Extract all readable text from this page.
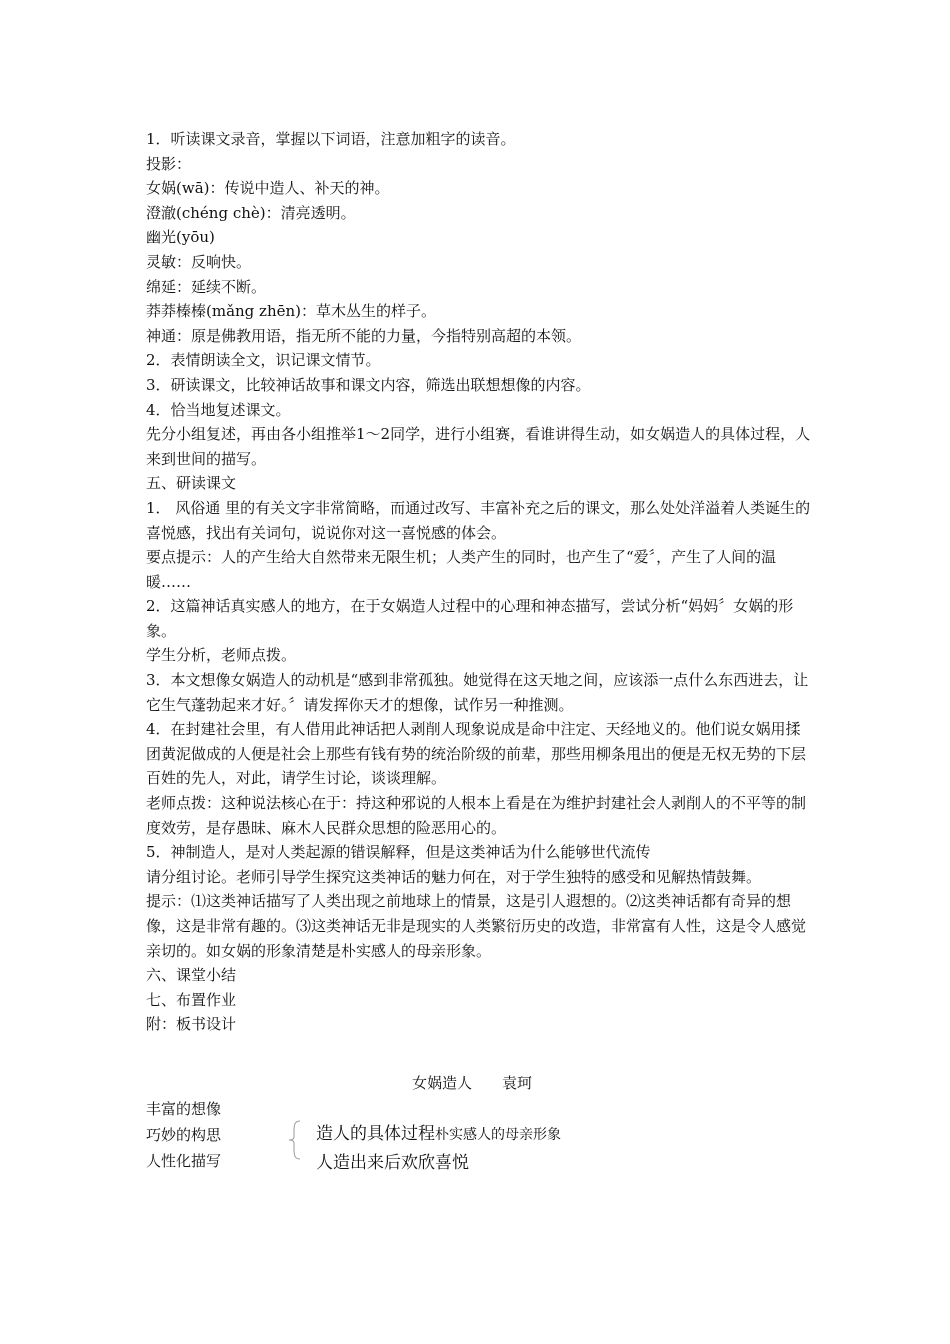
1．听读课文录音，掌握以下词语，注意加粗字的读音。

投影：

女娲(wā)：传说中造人、补天的神。

澄澈(chéng chè)：清亮透明。

幽光(yōu)

灵敏：反响快。

绵延：延续不断。

莽莽榛榛(mǎng zhēn)：草木丛生的样子。

神通：原是佛教用语，指无所不能的力量，今指特别高超的本领。

2．表情朗读全文，识记课文情节。

3．研读课文，比较神话故事和课文内容，筛选出联想想像的内容。

4．恰当地复述课文。

先分小组复述，再由各小组推举1～2同学，进行小组赛，看谁讲得生动，如女娲造人的具体过程，人来到世间的描写。

五、研读课文

1． 风俗通 里的有关文字非常简略，而通过改写、丰富补充之后的课文，那么处处洋溢着人类诞生的喜悦感，找出有关词句，说说你对这一喜悦感的体会。

要点提示：人的产生给大自然带来无限生机；人类产生的同时，也产生了“爱〞，产生了人间的温暖……

2．这篇神话真实感人的地方，在于女娲造人过程中的心理和神态描写，尝试分析“妈妈〞女娲的形象。

学生分析，老师点拨。

3．本文想像女娲造人的动机是“感到非常孤独。她觉得在这天地之间，应该添一点什么东西进去，让它生气蓬勃起来才好。〞请发挥你天才的想像，试作另一种推测。

4．在封建社会里，有人借用此神话把人剥削人现象说成是命中注定、天经地义的。他们说女娲用揉团黄泥做成的人便是社会上那些有钱有势的统治阶级的前辈，那些用柳条甩出的便是无权无势的下层百姓的先人，对此，请学生讨论，谈谈理解。

老师点拨：这种说法核心在于：持这种邪说的人根本上看是在为维护封建社会人剥削人的不平等的制度效劳，是存愚昧、麻木人民群众思想的险恶用心的。

5．神制造人，是对人类起源的错误解释，但是这类神话为什么能够世代流传

请分组讨论。老师引导学生探究这类神话的魅力何在，对于学生独特的感受和见解热情鼓舞。

提示：⑴这类神话描写了人类出现之前地球上的情景，这是引人遐想的。⑵这类神话都有奇异的想像，这是非常有趣的。⑶这类神话无非是现实的人类繁衍历史的改造，非常富有人性，这是令人感觉亲切的。如女娲的形象清楚是朴实感人的母亲形象。

六、课堂小结

七、布置作业

附：板书设计

女娲造人　　袁珂
丰富的想像
巧妙的构思
人性化描写
造人的具体过程朴实感人的母亲形象
人造出来后欢欣喜悦
